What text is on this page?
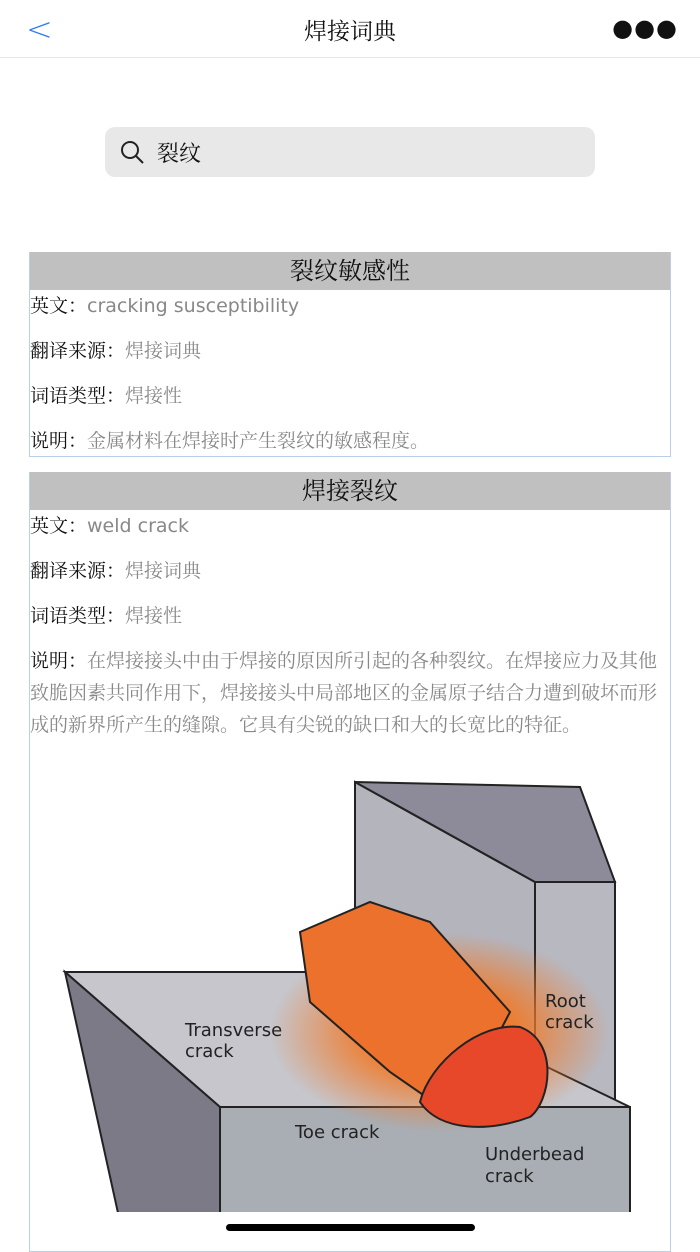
<	焊接词典	●●●
裂纹
裂纹敏感性
英文：cracking susceptibility
翻译来源：焊接词典
词语类型：焊接性
说明：金属材料在焊接时产生裂纹的敏感程度。
焊接裂纹
英文：weld crack
翻译来源：焊接词典
词语类型：焊接性
说明：在焊接接头中由于焊接的原因所引起的各种裂纹。在焊接应力及其他致脆因素共同作用下，焊接接头中局部地区的金属原子结合力遭到破坏而形成的新界所产生的缝隙。它具有尖锐的缺口和大的长宽比的特征。
Transverse
crack
Root
crack
Toe crack
Underbead
crack
